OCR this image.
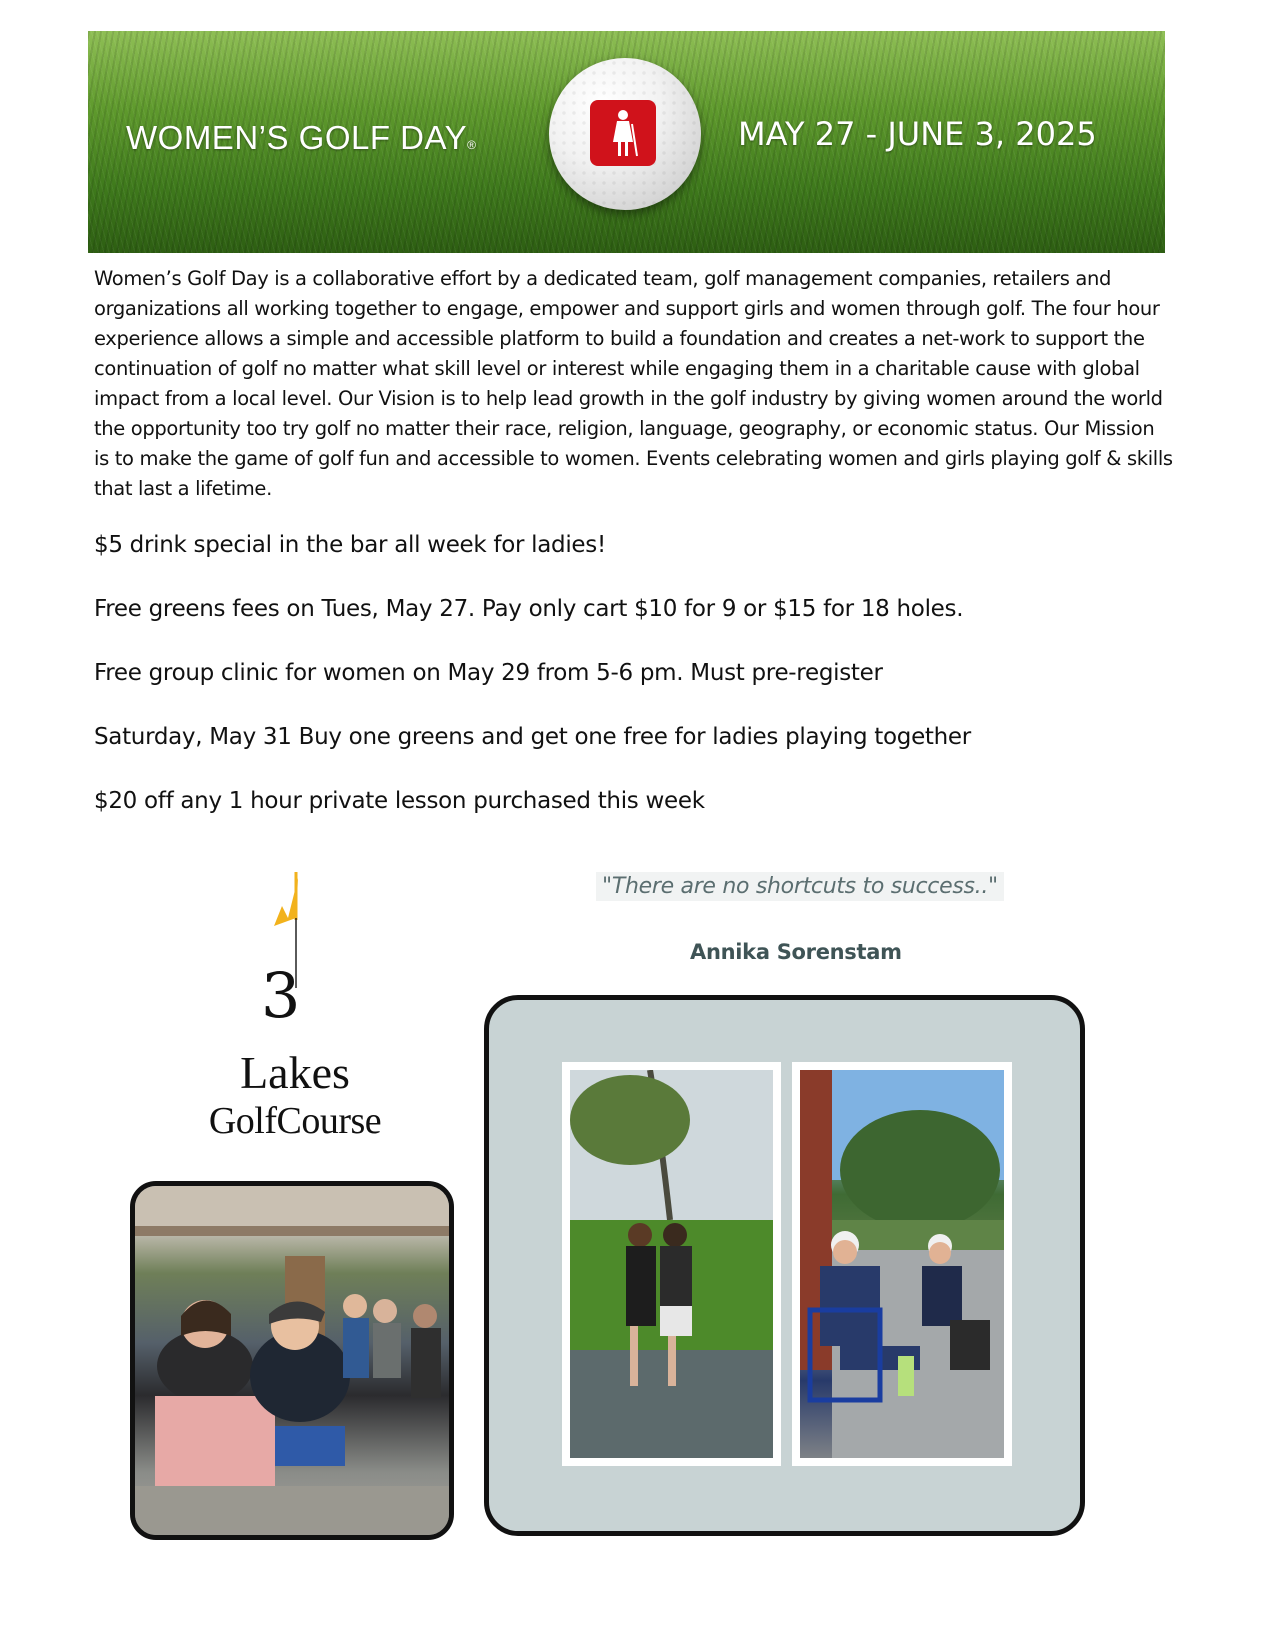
WOMEN’S GOLF DAY®	MAY 27 - JUNE 3, 2025

Women’s Golf Day is a collaborative effort by a dedicated team, golf management companies, retailers and organizations all working together to engage, empower and support girls and women through golf. The four hour experience allows a simple and accessible platform to build a foundation and creates a net-work to support the continuation of golf no matter what skill level or interest while engaging them in a charitable cause with global impact from a local level. Our Vision is to help lead growth in the golf industry by giving women around the world the opportunity too try golf no matter their race, religion, language, geography, or economic status. Our Mission is to make the game of golf fun and accessible to women. Events celebrating women and girls playing golf & skills that last a lifetime.

$5 drink special in the bar all week for ladies!
Free greens fees on Tues, May 27. Pay only cart $10 for 9 or $15 for 18 holes.
Free group clinic for women on May 29 from 5-6 pm. Must pre-register
Saturday, May 31 Buy one greens and get one free for ladies playing together
$20 off any 1 hour private lesson purchased this week
3
Lakes
GolfCourse
"There are no shortcuts to success.."
Annika Sorenstam
